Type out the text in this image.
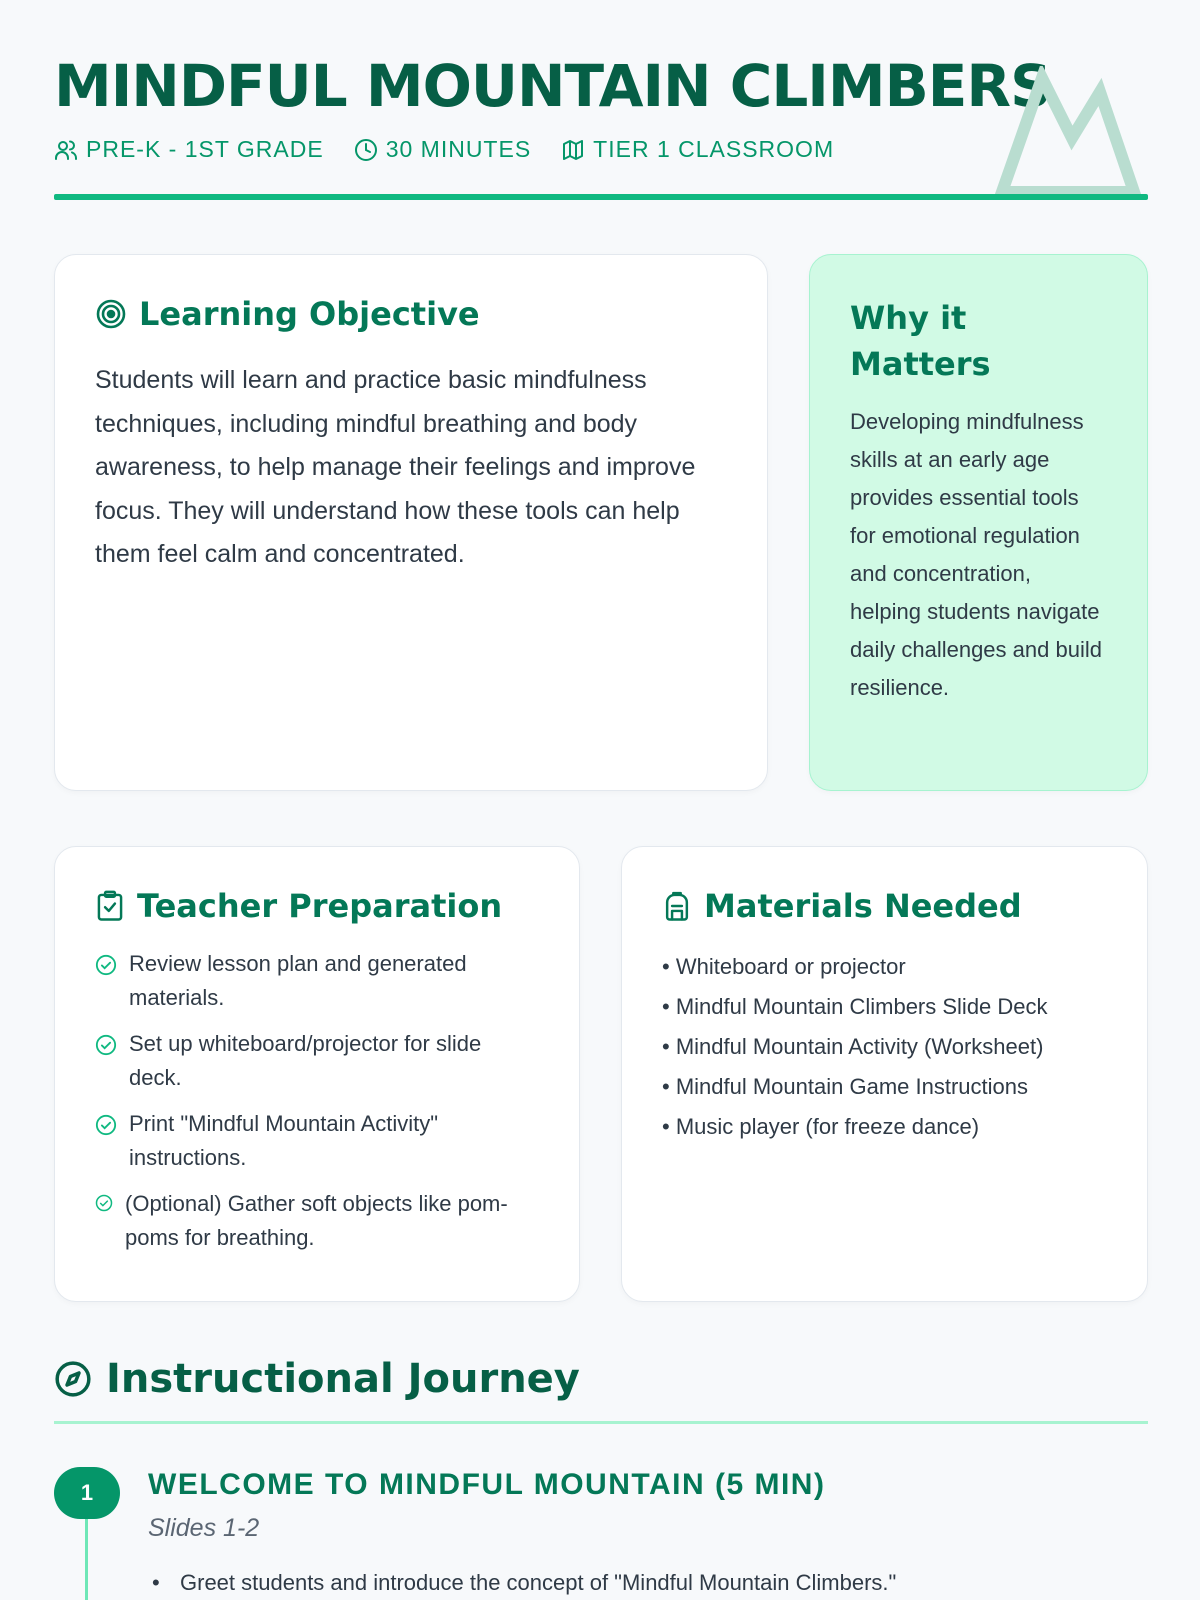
MINDFUL MOUNTAIN CLIMBERS
PRE-K - 1ST GRADE	30 MINUTES	TIER 1 CLASSROOM
Learning Objective

Students will learn and practice basic mindfulness techniques, including mindful breathing and body awareness, to help manage their feelings and improve focus. They will understand how these tools can help them feel calm and concentrated.

Why it Matters

Developing mindfulness skills at an early age provides essential tools for emotional regulation and concentration, helping students navigate daily challenges and build resilience.

Teacher Preparation
Review lesson plan and generated materials.
Set up whiteboard/projector for slide deck.
Print "Mindful Mountain Activity" instructions.
(Optional) Gather soft objects like pom-poms for breathing.
Materials Needed
• Whiteboard or projector
• Mindful Mountain Climbers Slide Deck
• Mindful Mountain Activity (Worksheet)
• Mindful Mountain Game Instructions
• Music player (for freeze dance)
Instructional Journey
1	WELCOME TO MINDFUL MOUNTAIN (5 MIN)
Slides 1-2
• Greet students and introduce the concept of "Mindful Mountain Climbers."
